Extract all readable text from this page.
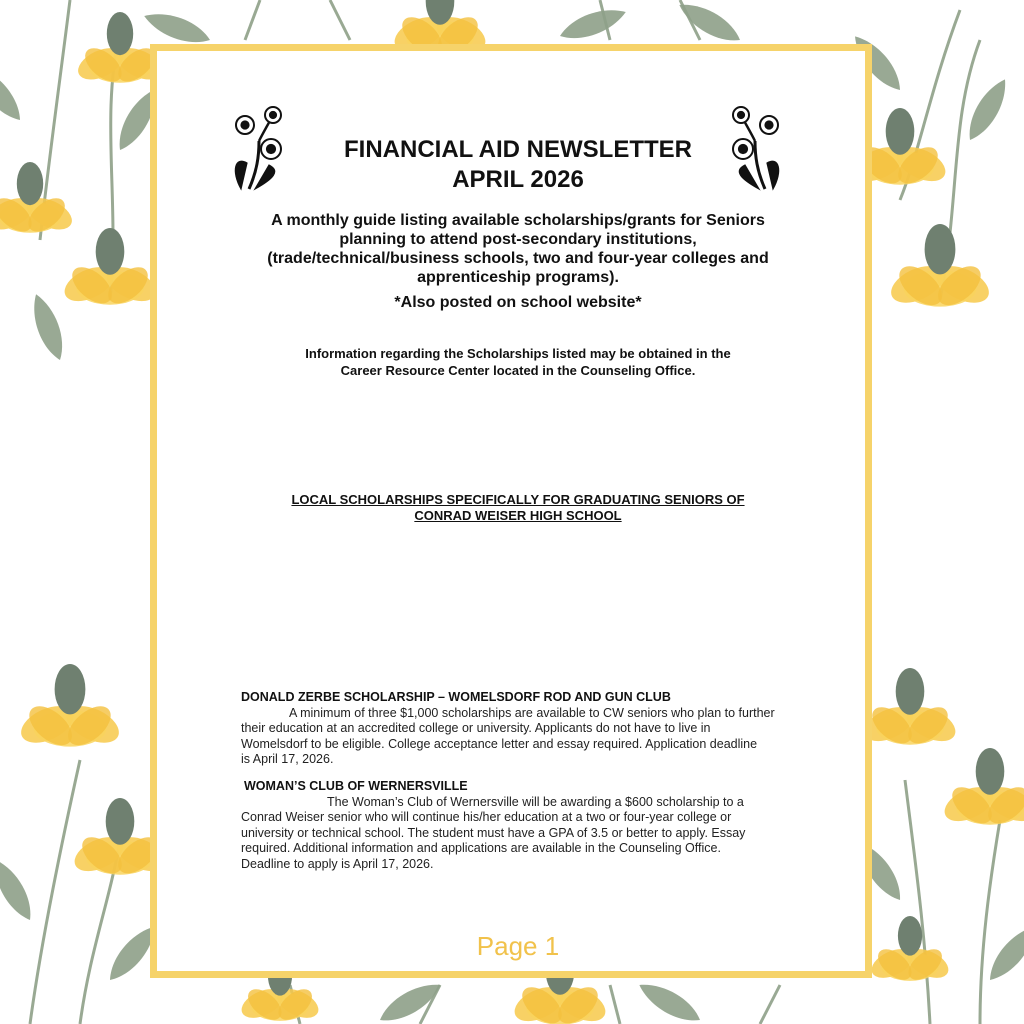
FINANCIAL AID NEWSLETTER
APRIL 2026
A monthly guide listing available scholarships/grants for Seniors
planning to attend post-secondary institutions,
(trade/technical/business schools, two and four-year colleges and
apprenticeship programs).
*Also posted on school website*
Information regarding the Scholarships listed may be obtained in the
Career Resource Center located in the Counseling Office.
LOCAL SCHOLARSHIPS SPECIFICALLY FOR GRADUATING SENIORS OF
CONRAD WEISER HIGH SCHOOL
DONALD ZERBE SCHOLARSHIP – WOMELSDORF ROD AND GUN CLUB
A minimum of three $1,000 scholarships are available to CW seniors who plan to further
their education at an accredited college or university. Applicants do not have to live in
Womelsdorf to be eligible. College acceptance letter and essay required. Application deadline
is April 17, 2026.
WOMAN’S CLUB OF WERNERSVILLE
The Woman’s Club of Wernersville will be awarding a $600 scholarship to a
Conrad Weiser senior who will continue his/her education at a two or four-year college or
university or technical school. The student must have a GPA of 3.5 or better to apply. Essay
required. Additional information and applications are available in the Counseling Office.
Deadline to apply is April 17, 2026.
Page 1
